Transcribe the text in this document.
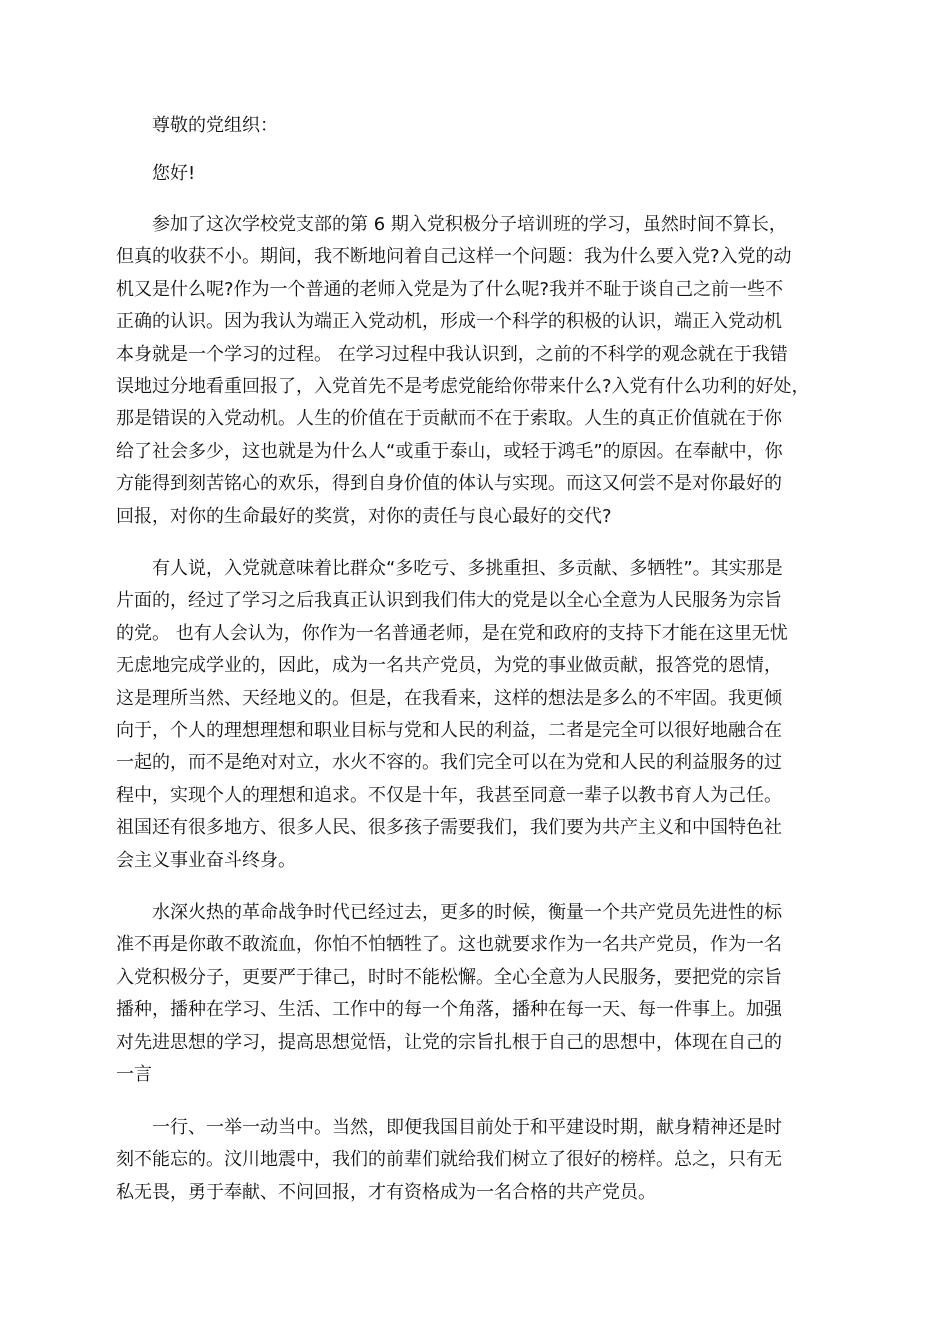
尊敬的党组织：
您好!
参加了这次学校党支部的第 6 期入党积极分子培训班的学习，虽然时间不算长，
但真的收获不小。期间，我不断地问着自己这样一个问题：我为什么要入党?入党的动
机又是什么呢?作为一个普通的老师入党是为了什么呢?我并不耻于谈自己之前一些不
正确的认识。因为我认为端正入党动机，形成一个科学的积极的认识，端正入党动机
本身就是一个学习的过程。 在学习过程中我认识到，之前的不科学的观念就在于我错
误地过分地看重回报了，入党首先不是考虑党能给你带来什么?入党有什么功利的好处，
那是错误的入党动机。人生的价值在于贡献而不在于索取。人生的真正价值就在于你
给了社会多少，这也就是为什么人“或重于泰山，或轻于鸿毛”的原因。在奉献中，你
方能得到刻苦铭心的欢乐，得到自身价值的体认与实现。而这又何尝不是对你最好的
回报，对你的生命最好的奖赏，对你的责任与良心最好的交代?
有人说，入党就意味着比群众“多吃亏、多挑重担、多贡献、多牺牲”。其实那是
片面的，经过了学习之后我真正认识到我们伟大的党是以全心全意为人民服务为宗旨
的党。 也有人会认为，你作为一名普通老师，是在党和政府的支持下才能在这里无忧
无虑地完成学业的，因此，成为一名共产党员，为党的事业做贡献，报答党的恩情，
这是理所当然、天经地义的。但是，在我看来，这样的想法是多么的不牢固。我更倾
向于，个人的理想理想和职业目标与党和人民的利益，二者是完全可以很好地融合在
一起的，而不是绝对对立，水火不容的。我们完全可以在为党和人民的利益服务的过
程中，实现个人的理想和追求。不仅是十年，我甚至同意一辈子以教书育人为己任。
祖国还有很多地方、很多人民、很多孩子需要我们，我们要为共产主义和中国特色社
会主义事业奋斗终身。
水深火热的革命战争时代已经过去，更多的时候，衡量一个共产党员先进性的标
准不再是你敢不敢流血，你怕不怕牺牲了。这也就要求作为一名共产党员，作为一名
入党积极分子，更要严于律己，时时不能松懈。全心全意为人民服务，要把党的宗旨
播种，播种在学习、生活、工作中的每一个角落，播种在每一天、每一件事上。加强
对先进思想的学习，提高思想觉悟，让党的宗旨扎根于自己的思想中，体现在自己的
一言
一行、一举一动当中。当然，即便我国目前处于和平建设时期，献身精神还是时
刻不能忘的。汶川地震中，我们的前辈们就给我们树立了很好的榜样。总之，只有无
私无畏，勇于奉献、不问回报，才有资格成为一名合格的共产党员。
